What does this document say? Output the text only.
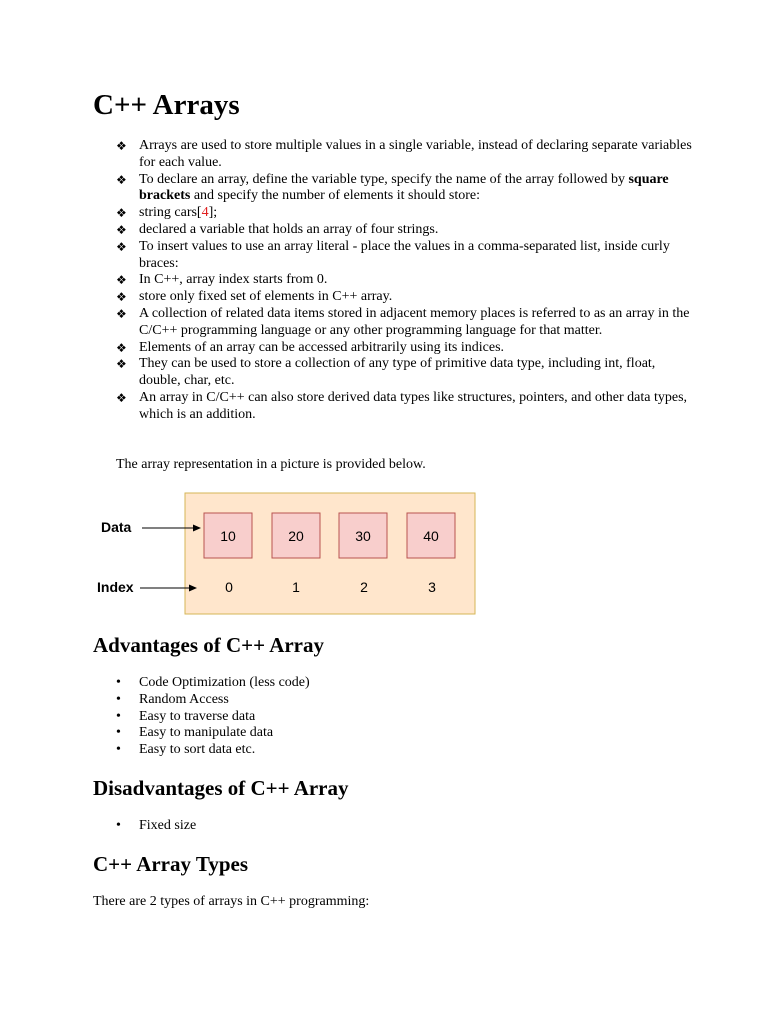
C++ Arrays
❖ Arrays are used to store multiple values in a single variable, instead of declaring separate variables for each value.
❖ To declare an array, define the variable type, specify the name of the array followed by square brackets and specify the number of elements it should store:
❖ string cars[4];
❖ declared a variable that holds an array of four strings.
❖ To insert values to use an array literal - place the values in a comma-separated list, inside curly braces:
❖ In C++, array index starts from 0.
❖ store only fixed set of elements in C++ array.
❖ A collection of related data items stored in adjacent memory places is referred to as an array in the C/C++ programming language or any other programming language for that matter.
❖ Elements of an array can be accessed arbitrarily using its indices.
❖ They can be used to store a collection of any type of primitive data type, including int, float, double, char, etc.
❖ An array in C/C++ can also store derived data types like structures, pointers, and other data types, which is an addition.

The array representation in a picture is provided below.

Data
Index
10	20	30	40
0	1	2	3
Advantages of C++ Array
• Code Optimization (less code)
• Random Access
• Easy to traverse data
• Easy to manipulate data
• Easy to sort data etc.
Disadvantages of C++ Array
• Fixed size
C++ Array Types

There are 2 types of arrays in C++ programming:
